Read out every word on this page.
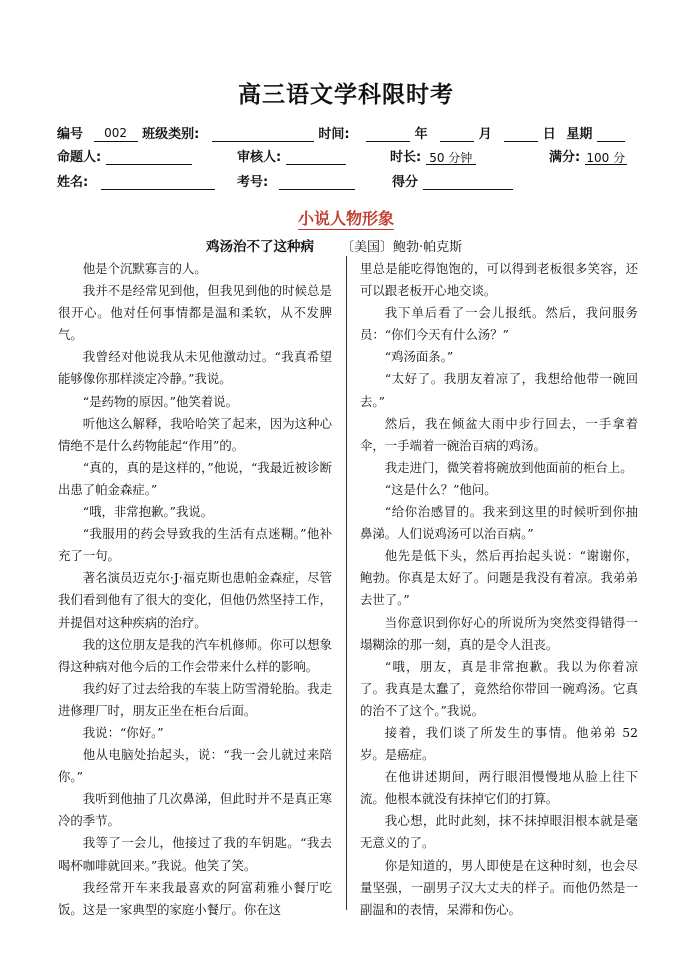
高三语文学科限时考
编号 002 班级类别:	时间:	年	月	日 星期
命题人:	审核人:	时长: 50 分钟	满分: 100 分
姓名:	考号:	得分
小说人物形象
鸡汤治不了这种病 〔美国〕鲍勃·帕克斯

他是个沉默寡言的人。

我并不是经常见到他，但我见到他的时候总是很开心。他对任何事情都是温和柔软，从不发脾气。

我曾经对他说我从未见他激动过。“我真希望能够像你那样淡定冷静。”我说。

“是药物的原因。”他笑着说。

听他这么解释，我哈哈笑了起来，因为这种心情绝不是什么药物能起“作用”的。

“真的，真的是这样的，”他说，“我最近被诊断出患了帕金森症。”

“哦，非常抱歉。”我说。

“我服用的药会导致我的生活有点迷糊。”他补充了一句。

著名演员迈克尔·J·福克斯也患帕金森症，尽管我们看到他有了很大的变化，但他仍然坚持工作，并提倡对这种疾病的治疗。

我的这位朋友是我的汽车机修师。你可以想象得这种病对他今后的工作会带来什么样的影响。

我约好了过去给我的车装上防雪滑轮胎。我走进修理厂时，朋友正坐在柜台后面。

我说：“你好。”

他从电脑处抬起头，说：“我一会儿就过来陪你。”

我听到他抽了几次鼻涕，但此时并不是真正寒冷的季节。

我等了一会儿，他接过了我的车钥匙。“我去喝杯咖啡就回来。”我说。他笑了笑。

我经常开车来我最喜欢的阿富莉雅小餐厅吃饭。这是一家典型的家庭小餐厅。你在这

里总是能吃得饱饱的，可以得到老板很多笑容，还可以跟老板开心地交谈。

我下单后看了一会儿报纸。然后，我问服务员：“你们今天有什么汤？”

“鸡汤面条。”

“太好了。我朋友着凉了，我想给他带一碗回去。”

然后，我在倾盆大雨中步行回去，一手拿着伞，一手端着一碗治百病的鸡汤。

我走进门，微笑着将碗放到他面前的柜台上。

“这是什么？”他问。

“给你治感冒的。我来到这里的时候听到你抽鼻涕。人们说鸡汤可以治百病。”

他先是低下头，然后再抬起头说：“谢谢你，鲍勃。你真是太好了。问题是我没有着凉。我弟弟去世了。”

当你意识到你好心的所说所为突然变得错得一塌糊涂的那一刻，真的是令人沮丧。

“哦，朋友，真是非常抱歉。我以为你着凉了。我真是太蠢了，竟然给你带回一碗鸡汤。它真的治不了这个。”我说。

接着，我们谈了所发生的事情。他弟弟 52 岁。是癌症。

在他讲述期间，两行眼泪慢慢地从脸上往下流。他根本就没有抹掉它们的打算。

我心想，此时此刻，抹不抹掉眼泪根本就是毫无意义的了。

你是知道的，男人即使是在这种时刻，也会尽量坚强，一副男子汉大丈夫的样子。而他仍然是一副温和的表情，呆滞和伤心。
